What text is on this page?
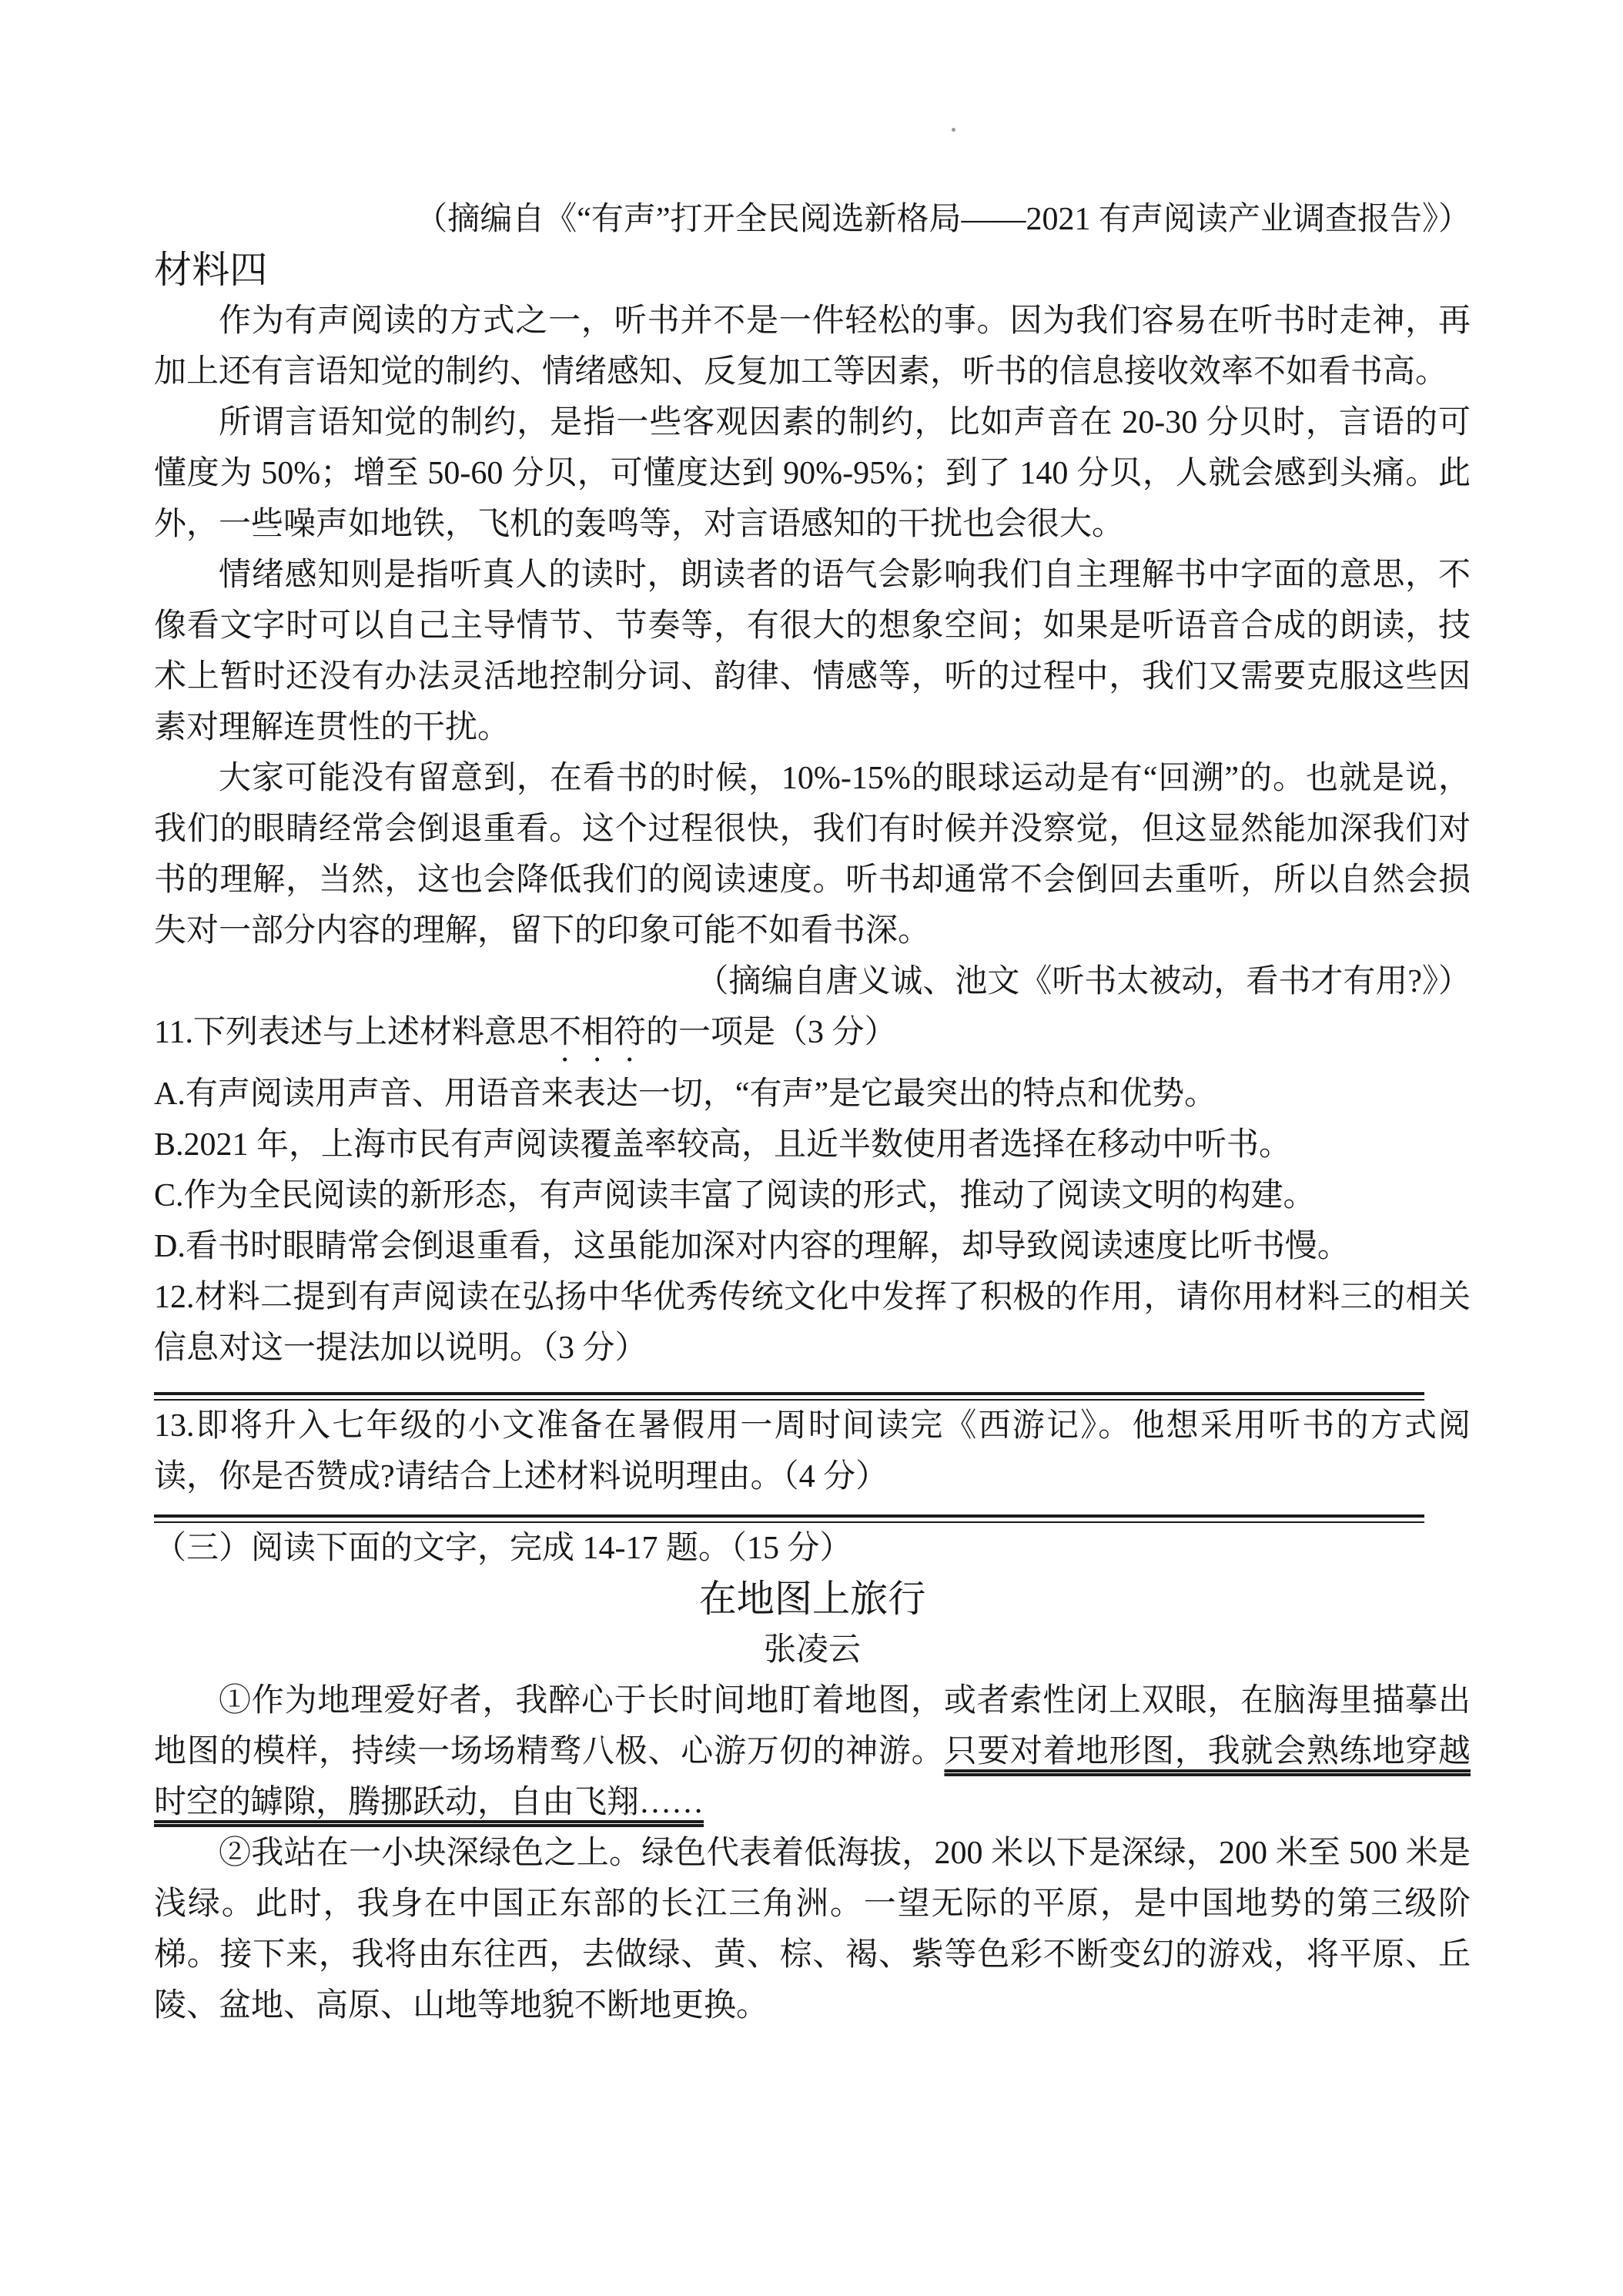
（摘编自《“有声”打开全民阅选新格局——2021 有声阅读产业调查报告》）

材料四

作为有声阅读的方式之一，听书并不是一件轻松的事。因为我们容易在听书时走神，再加上还有言语知觉的制约、情绪感知、反复加工等因素，听书的信息接收效率不如看书高。

所谓言语知觉的制约，是指一些客观因素的制约，比如声音在 20-30 分贝时，言语的可懂度为 50%；增至 50-60 分贝，可懂度达到 90%-95%；到了 140 分贝，人就会感到头痛。此外，一些噪声如地铁，飞机的轰鸣等，对言语感知的干扰也会很大。

情绪感知则是指听真人的读时，朗读者的语气会影响我们自主理解书中字面的意思，不像看文字时可以自己主导情节、节奏等，有很大的想象空间；如果是听语音合成的朗读，技术上暂时还没有办法灵活地控制分词、韵律、情感等，听的过程中，我们又需要克服这些因素对理解连贯性的干扰。

大家可能没有留意到，在看书的时候，10%-15%的眼球运动是有“回溯”的。也就是说，我们的眼睛经常会倒退重看。这个过程很快，我们有时候并没察觉，但这显然能加深我们对书的理解，当然，这也会降低我们的阅读速度。听书却通常不会倒回去重听，所以自然会损失对一部分内容的理解，留下的印象可能不如看书深。

（摘编自唐义诚、池文《听书太被动，看书才有用?》）

11.下列表述与上述材料意思不相符的一项是（3 分）

A.有声阅读用声音、用语音来表达一切，“有声”是它最突出的特点和优势。

B.2021 年，上海市民有声阅读覆盖率较高，且近半数使用者选择在移动中听书。

C.作为全民阅读的新形态，有声阅读丰富了阅读的形式，推动了阅读文明的构建。

D.看书时眼睛常会倒退重看，这虽能加深对内容的理解，却导致阅读速度比听书慢。

12.材料二提到有声阅读在弘扬中华优秀传统文化中发挥了积极的作用，请你用材料三的相关信息对这一提法加以说明。（3 分）

13.即将升入七年级的小文准备在暑假用一周时间读完《西游记》。他想采用听书的方式阅读，你是否赞成?请结合上述材料说明理由。（4 分）

（三）阅读下面的文字，完成 14-17 题。（15 分）

在地图上旅行

张凌云

①作为地理爱好者，我醉心于长时间地盯着地图，或者索性闭上双眼，在脑海里描摹出地图的模样，持续一场场精骛八极、心游万仞的神游。只要对着地形图，我就会熟练地穿越时空的罅隙，腾挪跃动，自由飞翔……

②我站在一小块深绿色之上。绿色代表着低海拔，200 米以下是深绿，200 米至 500 米是浅绿。此时，我身在中国正东部的长江三角洲。一望无际的平原，是中国地势的第三级阶梯。接下来，我将由东往西，去做绿、黄、棕、褐、紫等色彩不断变幻的游戏，将平原、丘陵、盆地、高原、山地等地貌不断地更换。
